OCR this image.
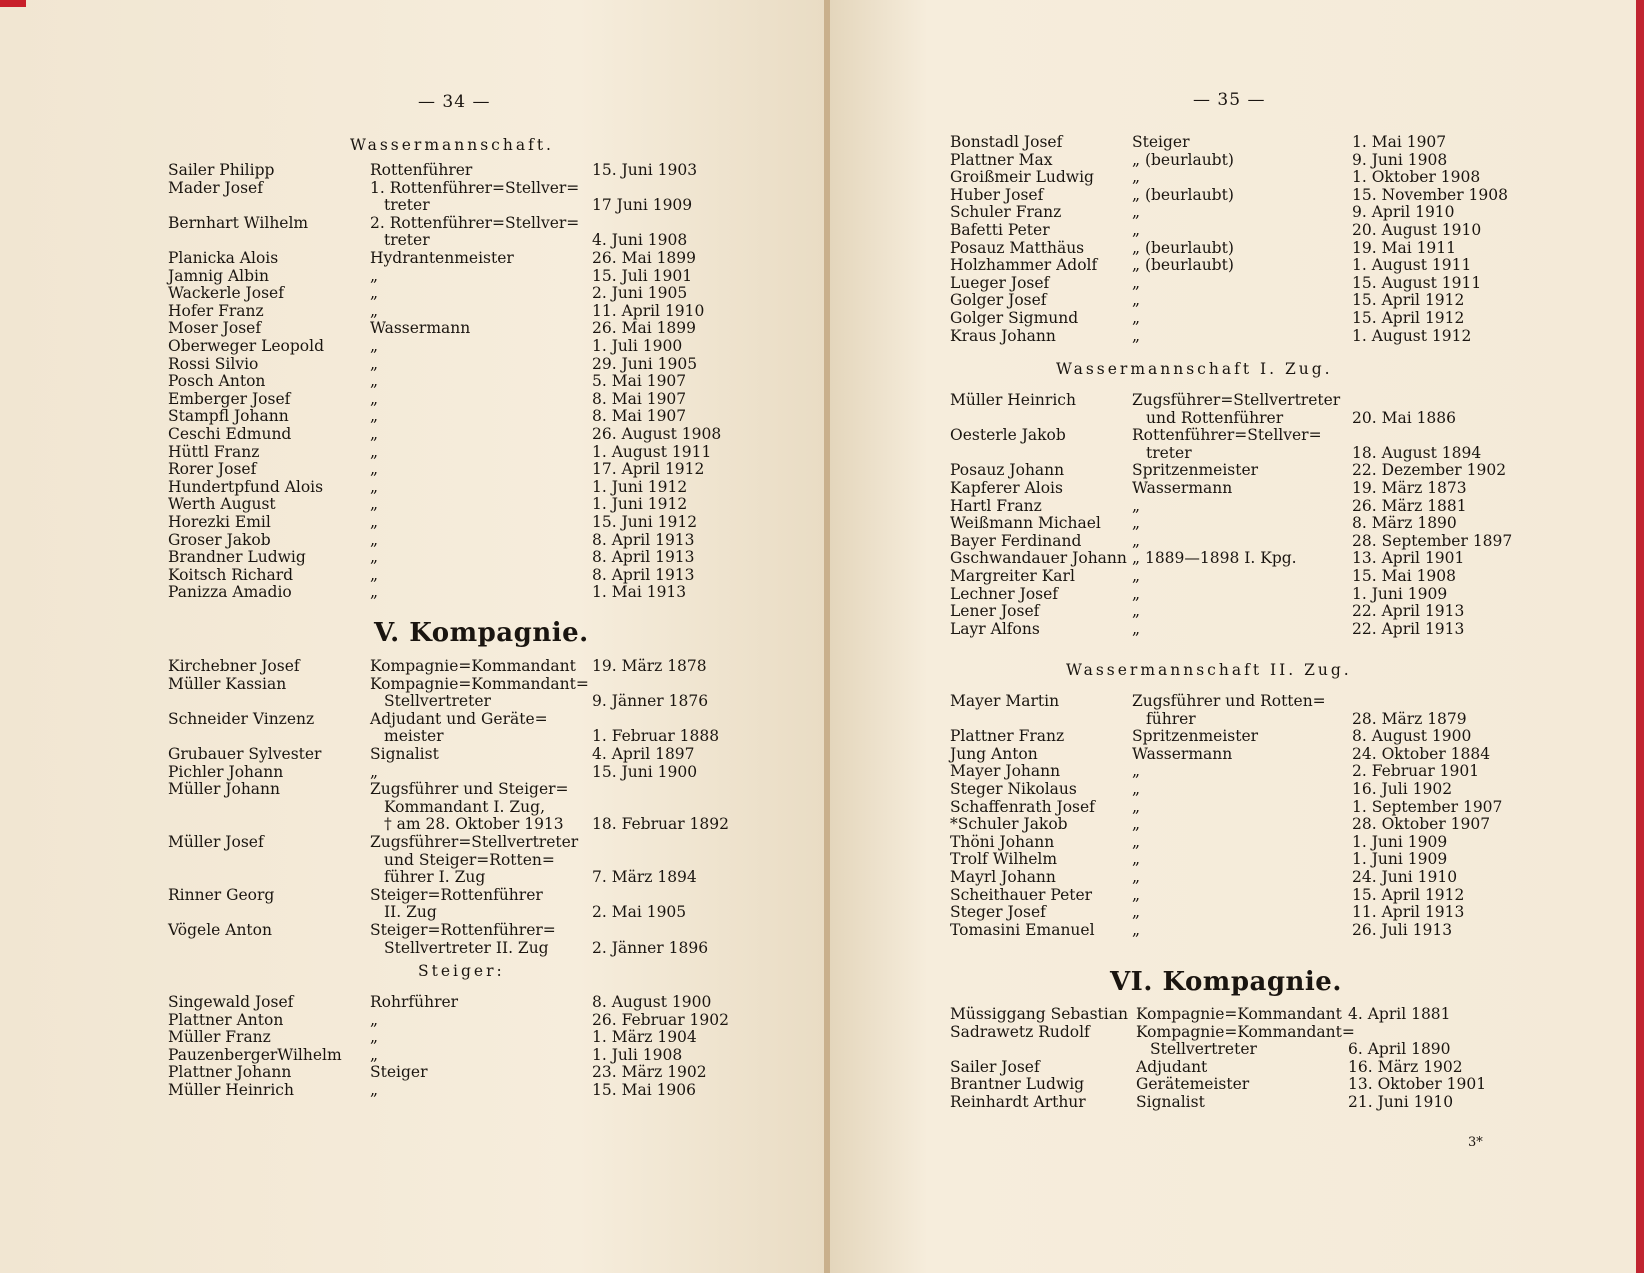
— 34 —
Wassermannschaft.
Sailer Philipp	Rottenführer	15. Juni 1903
Mader Josef	1. Rottenführer=Stellver=
treter	17 Juni 1909
Bernhart Wilhelm	2. Rottenführer=Stellver=
treter	4. Juni 1908
Planicka Alois	Hydrantenmeister	26. Mai 1899
Jamnig Albin	„	15. Juli 1901
Wackerle Josef	„	2. Juni 1905
Hofer Franz	„	11. April 1910
Moser Josef	Wassermann	26. Mai 1899
Oberweger Leopold	„	1. Juli 1900
Rossi Silvio	„	29. Juni 1905
Posch Anton	„	5. Mai 1907
Emberger Josef	„	8. Mai 1907
Stampfl Johann	„	8. Mai 1907
Ceschi Edmund	„	26. August 1908
Hüttl Franz	„	1. August 1911
Rorer Josef	„	17. April 1912
Hundertpfund Alois	„	1. Juni 1912
Werth August	„	1. Juni 1912
Horezki Emil	„	15. Juni 1912
Groser Jakob	„	8. April 1913
Brandner Ludwig	„	8. April 1913
Koitsch Richard	„	8. April 1913
Panizza Amadio	„	1. Mai 1913
V. Kompagnie.
Kirchebner Josef	Kompagnie=Kommandant 19. März 1878
Müller Kassian	Kompagnie=Kommandant=
Stellvertreter	9. Jänner 1876
Schneider Vinzenz	Adjudant und Geräte=
meister	1. Februar 1888
Grubauer Sylvester	Signalist	4. April 1897
Pichler Johann	„	15. Juni 1900
Müller Johann	Zugsführer und Steiger=
Kommandant I. Zug,
† am 28. Oktober 1913 18. Februar 1892
Müller Josef	Zugsführer=Stellvertreter
und Steiger=Rotten=
führer I. Zug	7. März 1894
Rinner Georg	Steiger=Rottenführer
II. Zug	2. Mai 1905
Vögele Anton	Steiger=Rottenführer=
Stellvertreter II. Zug	2. Jänner 1896
Steiger:
Singewald Josef	Rohrführer	8. August 1900
Plattner Anton	„	26. Februar 1902
Müller Franz	„	1. März 1904
PauzenbergerWilhelm „	1. Juli 1908
Plattner Johann	Steiger	23. März 1902
Müller Heinrich	„	15. Mai 1906
— 35 —
3*
Bonstadl Josef	Steiger	1. Mai 1907
Plattner Max	„ (beurlaubt)	9. Juni 1908
Groißmeir Ludwig „	1. Oktober 1908
Huber Josef	„ (beurlaubt)	15. November 1908
Schuler Franz	„	9. April 1910
Bafetti Peter	„	20. August 1910
Posauz Matthäus	„ (beurlaubt)	19. Mai 1911
Holzhammer Adolf „ (beurlaubt)	1. August 1911
Lueger Josef	„	15. August 1911
Golger Josef	„	15. April 1912
Golger Sigmund	„	15. April 1912
Kraus Johann	„	1. August 1912
Wassermannschaft I. Zug.
Müller Heinrich	Zugsführer=Stellvertreter
und Rottenführer	20. Mai 1886
Oesterle Jakob	Rottenführer=Stellver=
treter	18. August 1894
Posauz Johann	Spritzenmeister	22. Dezember 1902
Kapferer Alois	Wassermann	19. März 1873
Hartl Franz	„	26. März 1881
Weißmann Michael „	8. März 1890
Bayer Ferdinand	„	28. September 1897
Gschwandauer Johann „ 1889—1898 I. Kpg.	13. April 1901
Margreiter Karl	„	15. Mai 1908
Lechner Josef	„	1. Juni 1909
Lener Josef	„	22. April 1913
Layr Alfons	„	22. April 1913
Wassermannschaft II. Zug.
Mayer Martin	Zugsführer und Rotten=
führer	28. März 1879
Plattner Franz	Spritzenmeister	8. August 1900
Jung Anton	Wassermann	24. Oktober 1884
Mayer Johann	„	2. Februar 1901
Steger Nikolaus	„	16. Juli 1902
Schaffenrath Josef „	1. September 1907
*Schuler Jakob	„	28. Oktober 1907
Thöni Johann	„	1. Juni 1909
Trolf Wilhelm	„	1. Juni 1909
Mayrl Johann	„	24. Juni 1910
Scheithauer Peter	„	15. April 1912
Steger Josef	„	11. April 1913
Tomasini Emanuel „	26. Juli 1913
VI. Kompagnie.
Müssiggang Sebastian Kompagnie=Kommandant 4. April 1881
Sadrawetz Rudolf	Kompagnie=Kommandant=
Stellvertreter	6. April 1890
Sailer Josef	Adjudant	16. März 1902
Brantner Ludwig	Gerätemeister	13. Oktober 1901
Reinhardt Arthur	Signalist	21. Juni 1910
